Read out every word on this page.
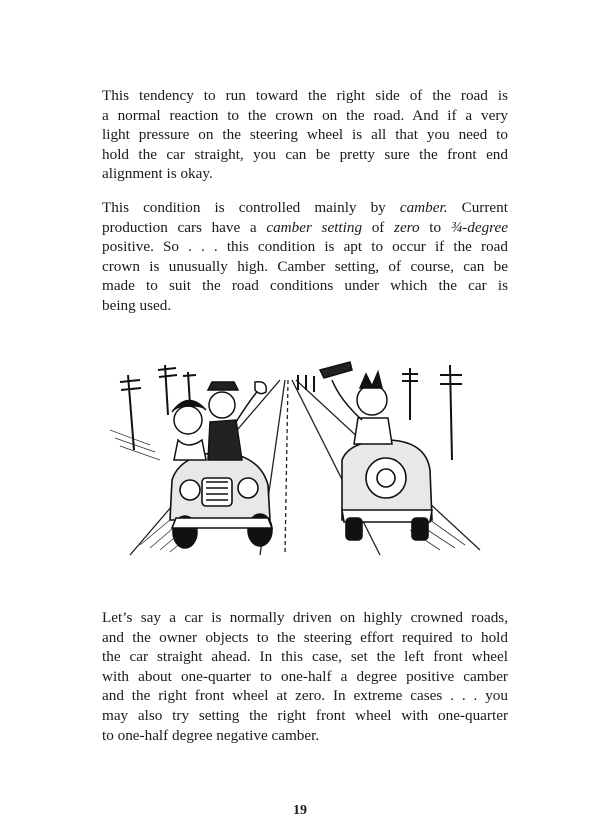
This tendency to run toward the right side of the road is
a normal reaction to the crown on the road. And if a very
light pressure on the steering wheel is all that you need to
hold the car straight, you can be pretty sure the front end
alignment is okay.
This condition is controlled mainly by camber. Current
production cars have a camber setting of zero to ¾-degree
positive. So . . . this condition is apt to occur if the road
crown is unusually high. Camber setting, of course, can be
made to suit the road conditions under which the car is
being used.
Let’s say a car is normally driven on highly crowned roads,
and the owner objects to the steering effort required to hold
the car straight ahead. In this case, set the left front wheel
with about one-quarter to one-half a degree positive camber
and the right front wheel at zero. In extreme cases . . . you
may also try setting the right front wheel with one-quarter
to one-half degree negative camber.
19
